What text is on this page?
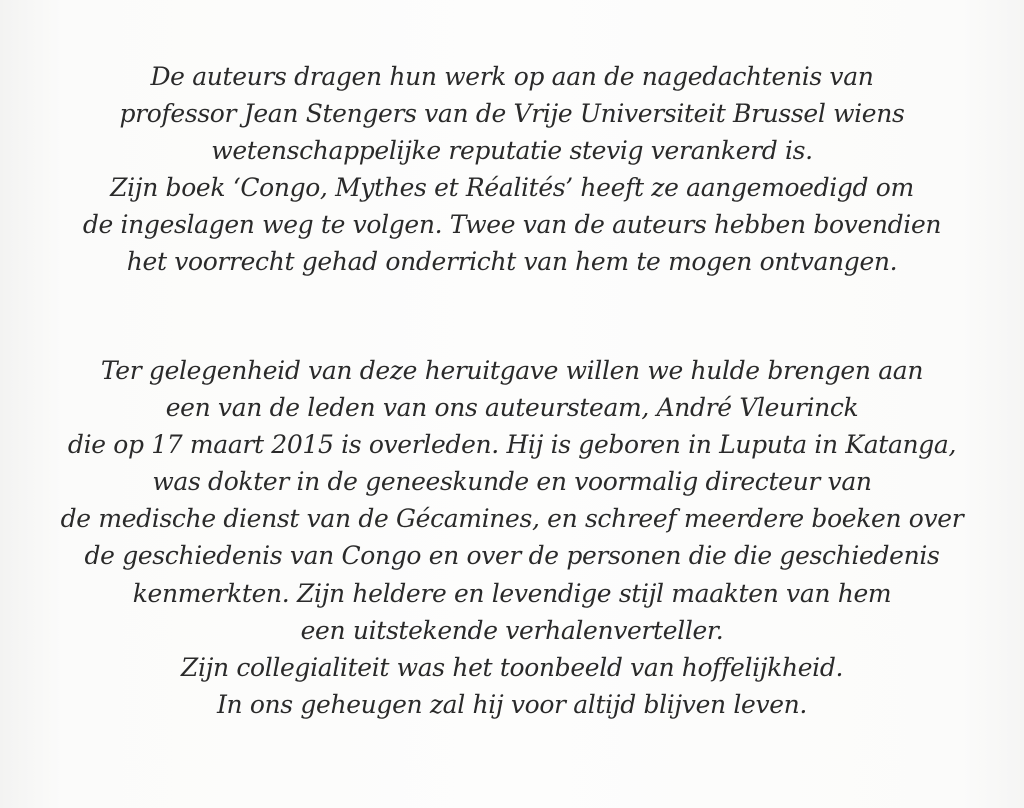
De auteurs dragen hun werk op aan de nagedachtenis van
professor Jean Stengers van de Vrije Universiteit Brussel wiens
wetenschappelijke reputatie stevig verankerd is.
Zijn boek ‘Congo, Mythes et Réalités’ heeft ze aangemoedigd om
de ingeslagen weg te volgen. Twee van de auteurs hebben bovendien
het voorrecht gehad onderricht van hem te mogen ontvangen.

Ter gelegenheid van deze heruitgave willen we hulde brengen aan
een van de leden van ons auteursteam, André Vleurinck
die op 17 maart 2015 is overleden. Hij is geboren in Luputa in Katanga,
was dokter in de geneeskunde en voormalig directeur van
de medische dienst van de Gécamines, en schreef meerdere boeken over
de geschiedenis van Congo en over de personen die die geschiedenis
kenmerkten. Zijn heldere en levendige stijl maakten van hem
een uitstekende verhalenverteller.
Zijn collegialiteit was het toonbeeld van hoffelijkheid.
In ons geheugen zal hij voor altijd blijven leven.
